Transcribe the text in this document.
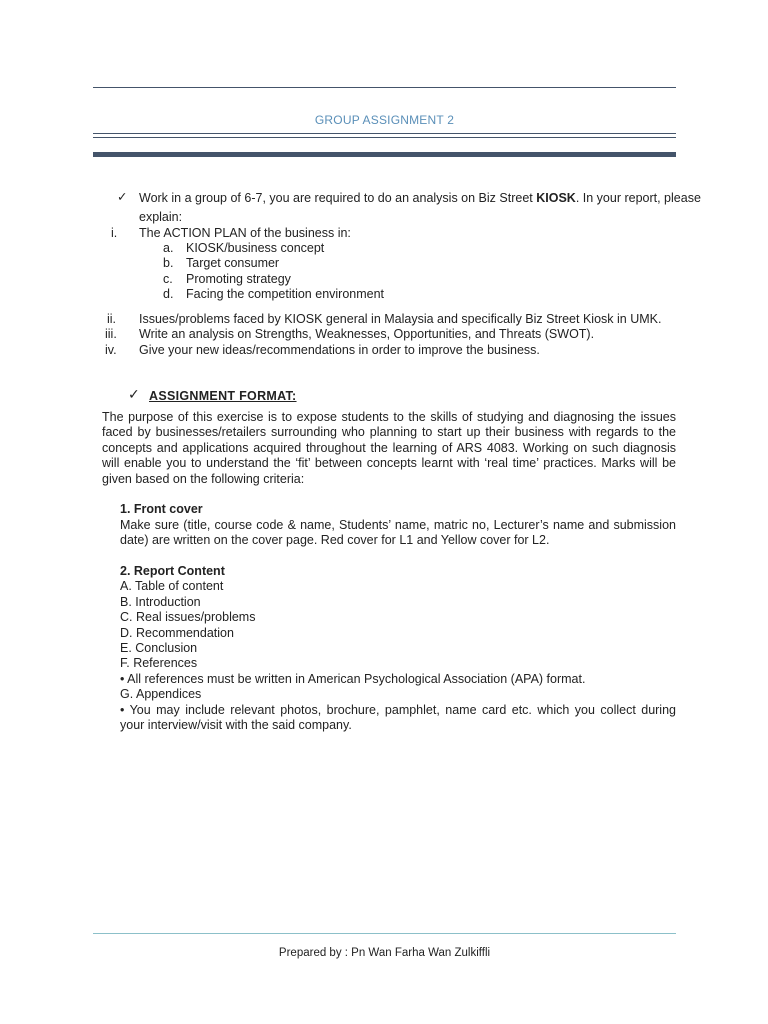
GROUP ASSIGNMENT 2
✓ Work in a group of 6-7, you are required to do an analysis on Biz Street KIOSK. In your report, please
explain:
i. The ACTION PLAN of the business in:
a. KIOSK/business concept
b. Target consumer
c. Promoting strategy
d. Facing the competition environment
ii. Issues/problems faced by KIOSK general in Malaysia and specifically Biz Street Kiosk in UMK.
iii. Write an analysis on Strengths, Weaknesses, Opportunities, and Threats (SWOT).
iv. Give your new ideas/recommendations in order to improve the business.
✓ ASSIGNMENT FORMAT:
The purpose of this exercise is to expose students to the skills of studying and diagnosing the issues faced by businesses/retailers surrounding who planning to start up their business with regards to the concepts and applications acquired throughout the learning of ARS 4083. Working on such diagnosis will enable you to understand the ‘fit’ between concepts learnt with ‘real time’ practices. Marks will be given based on the following criteria:
1. Front cover
Make sure (title, course code & name, Students’ name, matric no, Lecturer’s name and submission date) are written on the cover page. Red cover for L1 and Yellow cover for L2.
2. Report Content
A. Table of content
B. Introduction
C. Real issues/problems
D. Recommendation
E. Conclusion
F. References
• All references must be written in American Psychological Association (APA) format.
G. Appendices
• You may include relevant photos, brochure, pamphlet, name card etc. which you collect during your interview/visit with the said company.
Prepared by : Pn Wan Farha Wan Zulkiffli
